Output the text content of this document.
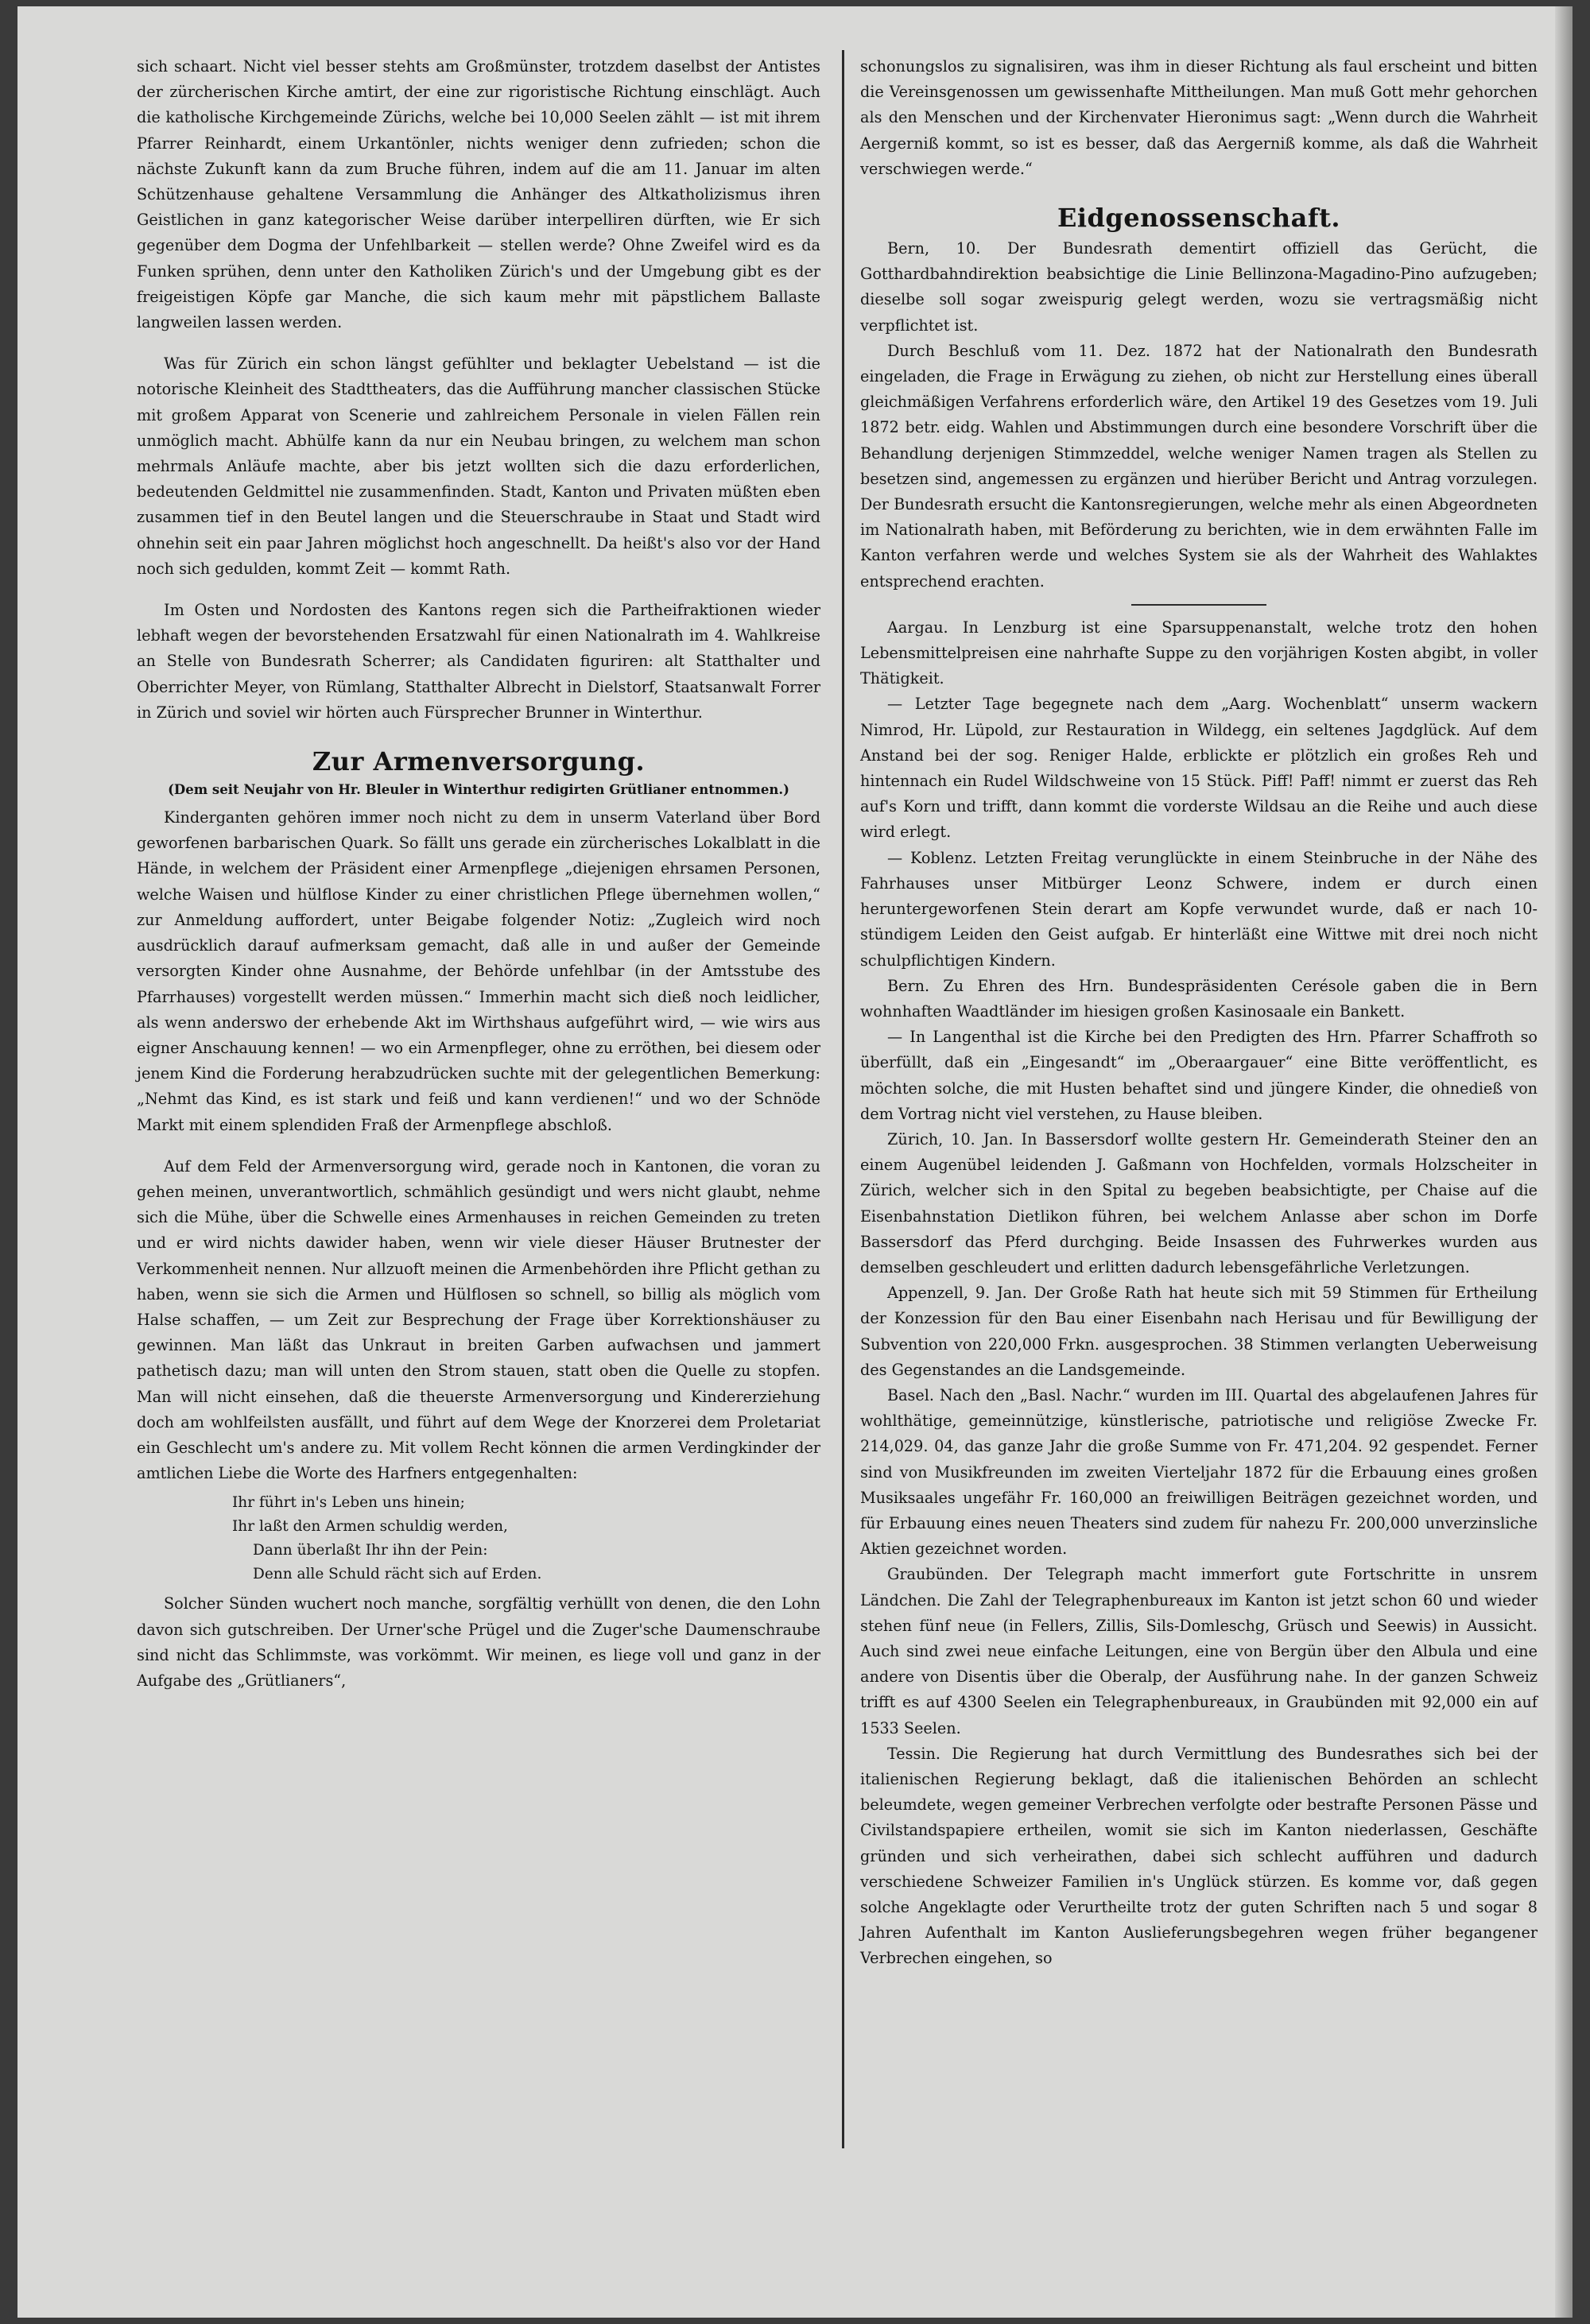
sich schaart. Nicht viel besser stehts am Großmünster, trotzdem daselbst der Antistes der zürcherischen Kirche amtirt, der eine zur rigoristische Richtung einschlägt. Auch die katholische Kirchgemeinde Zürichs, welche bei 10,000 Seelen zählt — ist mit ihrem Pfarrer Reinhardt, einem Urkantönler, nichts weniger denn zufrieden; schon die nächste Zukunft kann da zum Bruche führen, indem auf die am 11. Januar im alten Schützenhause gehaltene Versammlung die Anhänger des Altkatholizismus ihren Geistlichen in ganz kategorischer Weise darüber interpelliren dürften, wie Er sich gegenüber dem Dogma der Unfehlbarkeit — stellen werde? Ohne Zweifel wird es da Funken sprühen, denn unter den Katholiken Zürich's und der Umgebung gibt es der freigeistigen Köpfe gar Manche, die sich kaum mehr mit päpstlichem Ballaste langweilen lassen werden.

Was für Zürich ein schon längst gefühlter und beklagter Uebelstand — ist die notorische Kleinheit des Stadttheaters, das die Aufführung mancher classischen Stücke mit großem Apparat von Scenerie und zahlreichem Personale in vielen Fällen rein unmöglich macht. Abhülfe kann da nur ein Neubau bringen, zu welchem man schon mehrmals Anläufe machte, aber bis jetzt wollten sich die dazu erforderlichen, bedeutenden Geldmittel nie zusammenfinden. Stadt, Kanton und Privaten müßten eben zusammen tief in den Beutel langen und die Steuerschraube in Staat und Stadt wird ohnehin seit ein paar Jahren möglichst hoch angeschnellt. Da heißt's also vor der Hand noch sich gedulden, kommt Zeit — kommt Rath.

Im Osten und Nordosten des Kantons regen sich die Partheifraktionen wieder lebhaft wegen der bevorstehenden Ersatzwahl für einen Nationalrath im 4. Wahlkreise an Stelle von Bundesrath Scherrer; als Candidaten figuriren: alt Statthalter und Oberrichter Meyer, von Rümlang, Statthalter Albrecht in Dielstorf, Staatsanwalt Forrer in Zürich und soviel wir hörten auch Fürsprecher Brunner in Winterthur.

Zur Armenversorgung.
(Dem seit Neujahr von Hr. Bleuler in Winterthur redigirten Grütlianer entnommen.)

Kinderganten gehören immer noch nicht zu dem in unserm Vaterland über Bord geworfenen barbarischen Quark. So fällt uns gerade ein zürcherisches Lokalblatt in die Hände, in welchem der Präsident einer Armenpflege „diejenigen ehrsamen Personen, welche Waisen und hülflose Kinder zu einer christlichen Pflege übernehmen wollen,“ zur Anmeldung auffordert, unter Beigabe folgender Notiz: „Zugleich wird noch ausdrücklich darauf aufmerksam gemacht, daß alle in und außer der Gemeinde versorgten Kinder ohne Ausnahme, der Behörde unfehlbar (in der Amtsstube des Pfarrhauses) vorgestellt werden müssen.“ Immerhin macht sich dieß noch leidlicher, als wenn anderswo der erhebende Akt im Wirthshaus aufgeführt wird, — wie wirs aus eigner Anschauung kennen! — wo ein Armenpfleger, ohne zu erröthen, bei diesem oder jenem Kind die Forderung herabzudrücken suchte mit der gelegentlichen Bemerkung: „Nehmt das Kind, es ist stark und feiß und kann verdienen!“ und wo der Schnöde Markt mit einem splendiden Fraß der Armenpflege abschloß.

Auf dem Feld der Armenversorgung wird, gerade noch in Kantonen, die voran zu gehen meinen, unverantwortlich, schmählich gesündigt und wers nicht glaubt, nehme sich die Mühe, über die Schwelle eines Armenhauses in reichen Gemeinden zu treten und er wird nichts dawider haben, wenn wir viele dieser Häuser Brutnester der Verkommenheit nennen. Nur allzuoft meinen die Armenbehörden ihre Pflicht gethan zu haben, wenn sie sich die Armen und Hülflosen so schnell, so billig als möglich vom Halse schaffen, — um Zeit zur Besprechung der Frage über Korrektionshäuser zu gewinnen. Man läßt das Unkraut in breiten Garben aufwachsen und jammert pathetisch dazu; man will unten den Strom stauen, statt oben die Quelle zu stopfen. Man will nicht einsehen, daß die theuerste Armenversorgung und Kindererziehung doch am wohlfeilsten ausfällt, und führt auf dem Wege der Knorzerei dem Proletariat ein Geschlecht um's andere zu. Mit vollem Recht können die armen Verdingkinder der amtlichen Liebe die Worte des Harfners entgegenhalten:

Ihr führt in's Leben uns hinein;

Ihr laßt den Armen schuldig werden,

Dann überlaßt Ihr ihn der Pein:

Denn alle Schuld rächt sich auf Erden.

Solcher Sünden wuchert noch manche, sorgfältig verhüllt von denen, die den Lohn davon sich gutschreiben. Der Urner'sche Prügel und die Zuger'sche Daumenschraube sind nicht das Schlimmste, was vorkömmt. Wir meinen, es liege voll und ganz in der Aufgabe des „Grütlianers“,

schonungslos zu signalisiren, was ihm in dieser Richtung als faul erscheint und bitten die Vereinsgenossen um gewissenhafte Mittheilungen. Man muß Gott mehr gehorchen als den Menschen und der Kirchenvater Hieronimus sagt: „Wenn durch die Wahrheit Aergerniß kommt, so ist es besser, daß das Aergerniß komme, als daß die Wahrheit verschwiegen werde.“

Eidgenossenschaft.

Bern, 10. Der Bundesrath dementirt offiziell das Gerücht, die Gotthardbahndirektion beabsichtige die Linie Bellinzona-Magadino-Pino aufzugeben; dieselbe soll sogar zweispurig gelegt werden, wozu sie vertragsmäßig nicht verpflichtet ist.

Durch Beschluß vom 11. Dez. 1872 hat der Nationalrath den Bundesrath eingeladen, die Frage in Erwägung zu ziehen, ob nicht zur Herstellung eines überall gleichmäßigen Verfahrens erforderlich wäre, den Artikel 19 des Gesetzes vom 19. Juli 1872 betr. eidg. Wahlen und Abstimmungen durch eine besondere Vorschrift über die Behandlung derjenigen Stimmzeddel, welche weniger Namen tragen als Stellen zu besetzen sind, angemessen zu ergänzen und hierüber Bericht und Antrag vorzulegen. Der Bundesrath ersucht die Kantonsregierungen, welche mehr als einen Abgeordneten im Nationalrath haben, mit Beförderung zu berichten, wie in dem erwähnten Falle im Kanton verfahren werde und welches System sie als der Wahrheit des Wahlaktes entsprechend erachten.

Aargau. In Lenzburg ist eine Sparsuppenanstalt, welche trotz den hohen Lebensmittelpreisen eine nahrhafte Suppe zu den vorjährigen Kosten abgibt, in voller Thätigkeit.

— Letzter Tage begegnete nach dem „Aarg. Wochenblatt“ unserm wackern Nimrod, Hr. Lüpold, zur Restauration in Wildegg, ein seltenes Jagdglück. Auf dem Anstand bei der sog. Reniger Halde, erblickte er plötzlich ein großes Reh und hintennach ein Rudel Wildschweine von 15 Stück. Piff! Paff! nimmt er zuerst das Reh auf's Korn und trifft, dann kommt die vorderste Wildsau an die Reihe und auch diese wird erlegt.

— Koblenz. Letzten Freitag verunglückte in einem Steinbruche in der Nähe des Fahrhauses unser Mitbürger Leonz Schwere, indem er durch einen heruntergeworfenen Stein derart am Kopfe verwundet wurde, daß er nach 10-stündigem Leiden den Geist aufgab. Er hinterläßt eine Wittwe mit drei noch nicht schulpflichtigen Kindern.

Bern. Zu Ehren des Hrn. Bundespräsidenten Cerésole gaben die in Bern wohnhaften Waadtländer im hiesigen großen Kasinosaale ein Bankett.

— In Langenthal ist die Kirche bei den Predigten des Hrn. Pfarrer Schaffroth so überfüllt, daß ein „Eingesandt“ im „Oberaargauer“ eine Bitte veröffentlicht, es möchten solche, die mit Husten behaftet sind und jüngere Kinder, die ohnedieß von dem Vortrag nicht viel verstehen, zu Hause bleiben.

Zürich, 10. Jan. In Bassersdorf wollte gestern Hr. Gemeinderath Steiner den an einem Augenübel leidenden J. Gaßmann von Hochfelden, vormals Holzscheiter in Zürich, welcher sich in den Spital zu begeben beabsichtigte, per Chaise auf die Eisenbahnstation Dietlikon führen, bei welchem Anlasse aber schon im Dorfe Bassersdorf das Pferd durchging. Beide Insassen des Fuhrwerkes wurden aus demselben geschleudert und erlitten dadurch lebensgefährliche Verletzungen.

Appenzell, 9. Jan. Der Große Rath hat heute sich mit 59 Stimmen für Ertheilung der Konzession für den Bau einer Eisenbahn nach Herisau und für Bewilligung der Subvention von 220,000 Frkn. ausgesprochen. 38 Stimmen verlangten Ueberweisung des Gegenstandes an die Landsgemeinde.

Basel. Nach den „Basl. Nachr.“ wurden im III. Quartal des abgelaufenen Jahres für wohlthätige, gemeinnützige, künstlerische, patriotische und religiöse Zwecke Fr. 214,029. 04, das ganze Jahr die große Summe von Fr. 471,204. 92 gespendet. Ferner sind von Musikfreunden im zweiten Vierteljahr 1872 für die Erbauung eines großen Musiksaales ungefähr Fr. 160,000 an freiwilligen Beiträgen gezeichnet worden, und für Erbauung eines neuen Theaters sind zudem für nahezu Fr. 200,000 unverzinsliche Aktien gezeichnet worden.

Graubünden. Der Telegraph macht immerfort gute Fortschritte in unsrem Ländchen. Die Zahl der Telegraphenbureaux im Kanton ist jetzt schon 60 und wieder stehen fünf neue (in Fellers, Zillis, Sils-Domleschg, Grüsch und Seewis) in Aussicht. Auch sind zwei neue einfache Leitungen, eine von Bergün über den Albula und eine andere von Disentis über die Oberalp, der Ausführung nahe. In der ganzen Schweiz trifft es auf 4300 Seelen ein Telegraphenbureaux, in Graubünden mit 92,000 ein auf 1533 Seelen.

Tessin. Die Regierung hat durch Vermittlung des Bundesrathes sich bei der italienischen Regierung beklagt, daß die italienischen Behörden an schlecht beleumdete, wegen gemeiner Verbrechen verfolgte oder bestrafte Personen Pässe und Civilstandspapiere ertheilen, womit sie sich im Kanton niederlassen, Geschäfte gründen und sich verheirathen, dabei sich schlecht aufführen und dadurch verschiedene Schweizer Familien in's Unglück stürzen. Es komme vor, daß gegen solche Angeklagte oder Verurtheilte trotz der guten Schriften nach 5 und sogar 8 Jahren Aufenthalt im Kanton Auslieferungsbegehren wegen früher begangener Verbrechen eingehen, so
